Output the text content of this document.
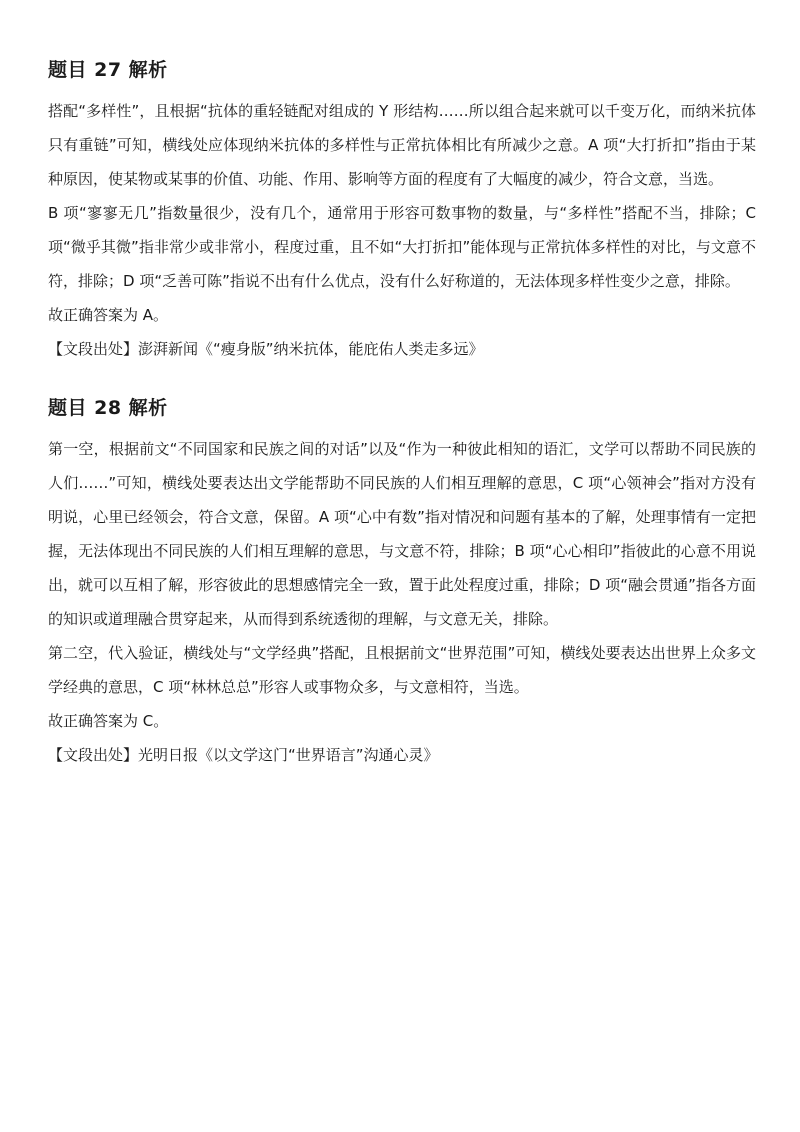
题目 27 解析

搭配“多样性”，且根据“抗体的重轻链配对组成的 Y 形结构……所以组合起来就可以千变万化，而纳米抗体只有重链”可知，横线处应体现纳米抗体的多样性与正常抗体相比有所减少之意。A 项“大打折扣”指由于某种原因，使某物或某事的价值、功能、作用、影响等方面的程度有了大幅度的减少，符合文意，当选。

B 项“寥寥无几”指数量很少，没有几个，通常用于形容可数事物的数量，与“多样性”搭配不当，排除；C 项“微乎其微”指非常少或非常小，程度过重，且不如“大打折扣”能体现与正常抗体多样性的对比，与文意不符，排除；D 项“乏善可陈”指说不出有什么优点，没有什么好称道的，无法体现多样性变少之意，排除。

故正确答案为 A。

【文段出处】澎湃新闻《“瘦身版”纳米抗体，能庇佑人类走多远》

题目 28 解析

第一空，根据前文“不同国家和民族之间的对话”以及“作为一种彼此相知的语汇，文学可以帮助不同民族的人们……”可知，横线处要表达出文学能帮助不同民族的人们相互理解的意思，C 项“心领神会”指对方没有明说，心里已经领会，符合文意，保留。A 项“心中有数”指对情况和问题有基本的了解，处理事情有一定把握，无法体现出不同民族的人们相互理解的意思，与文意不符，排除；B 项“心心相印”指彼此的心意不用说出，就可以互相了解，形容彼此的思想感情完全一致，置于此处程度过重，排除；D 项“融会贯通”指各方面的知识或道理融合贯穿起来，从而得到系统透彻的理解，与文意无关，排除。

第二空，代入验证，横线处与“文学经典”搭配，且根据前文“世界范围”可知，横线处要表达出世界上众多文学经典的意思，C 项“林林总总”形容人或事物众多，与文意相符，当选。

故正确答案为 C。

【文段出处】光明日报《以文学这门“世界语言”沟通心灵》
